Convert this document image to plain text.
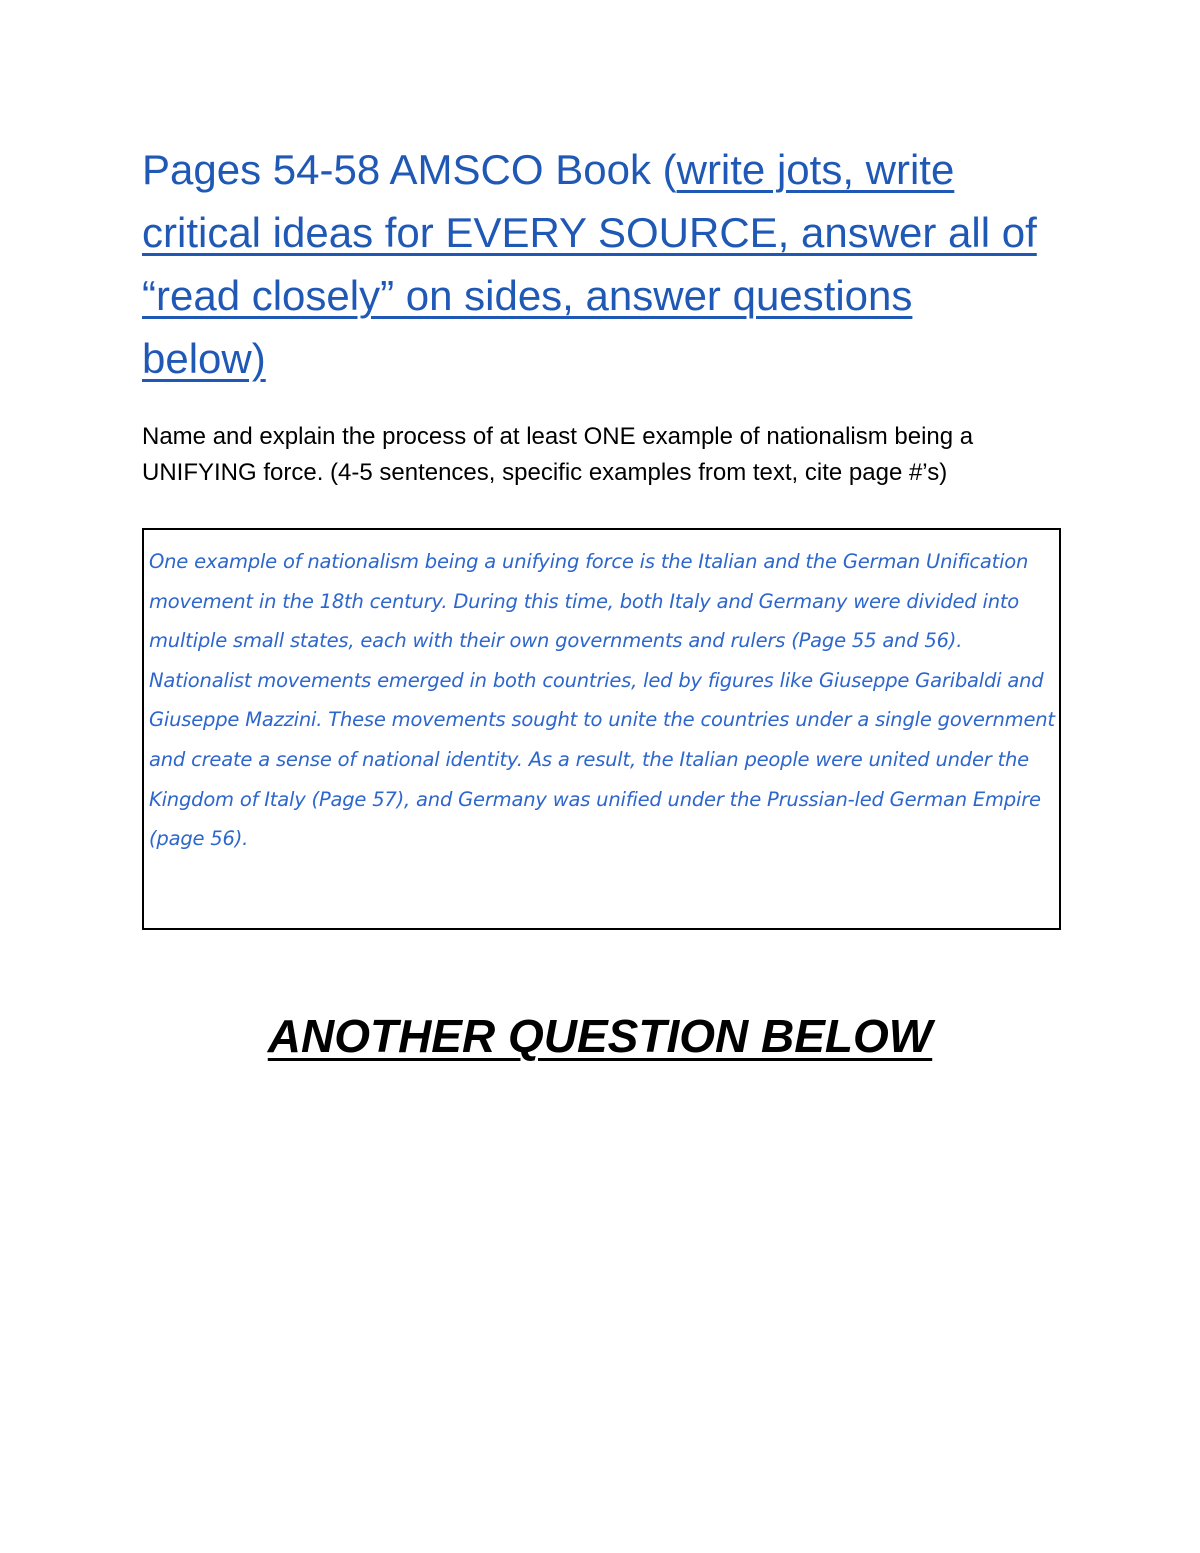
Pages 54-58 AMSCO Book (write jots, write critical ideas for EVERY SOURCE, answer all of “read closely” on sides, answer questions below)

Name and explain the process of at least ONE example of nationalism being a UNIFYING force. (4-5 sentences, specific examples from text, cite page #’s)

One example of nationalism being a unifying force is the Italian and the German Unification movement in the 18th century. During this time, both Italy and Germany were divided into multiple small states, each with their own governments and rulers (Page 55 and 56). Nationalist movements emerged in both countries, led by figures like Giuseppe Garibaldi and Giuseppe Mazzini. These movements sought to unite the countries under a single government and create a sense of national identity. As a result, the Italian people were united under the Kingdom of Italy (Page 57), and Germany was unified under the Prussian-led German Empire (page 56).

ANOTHER QUESTION BELOW
